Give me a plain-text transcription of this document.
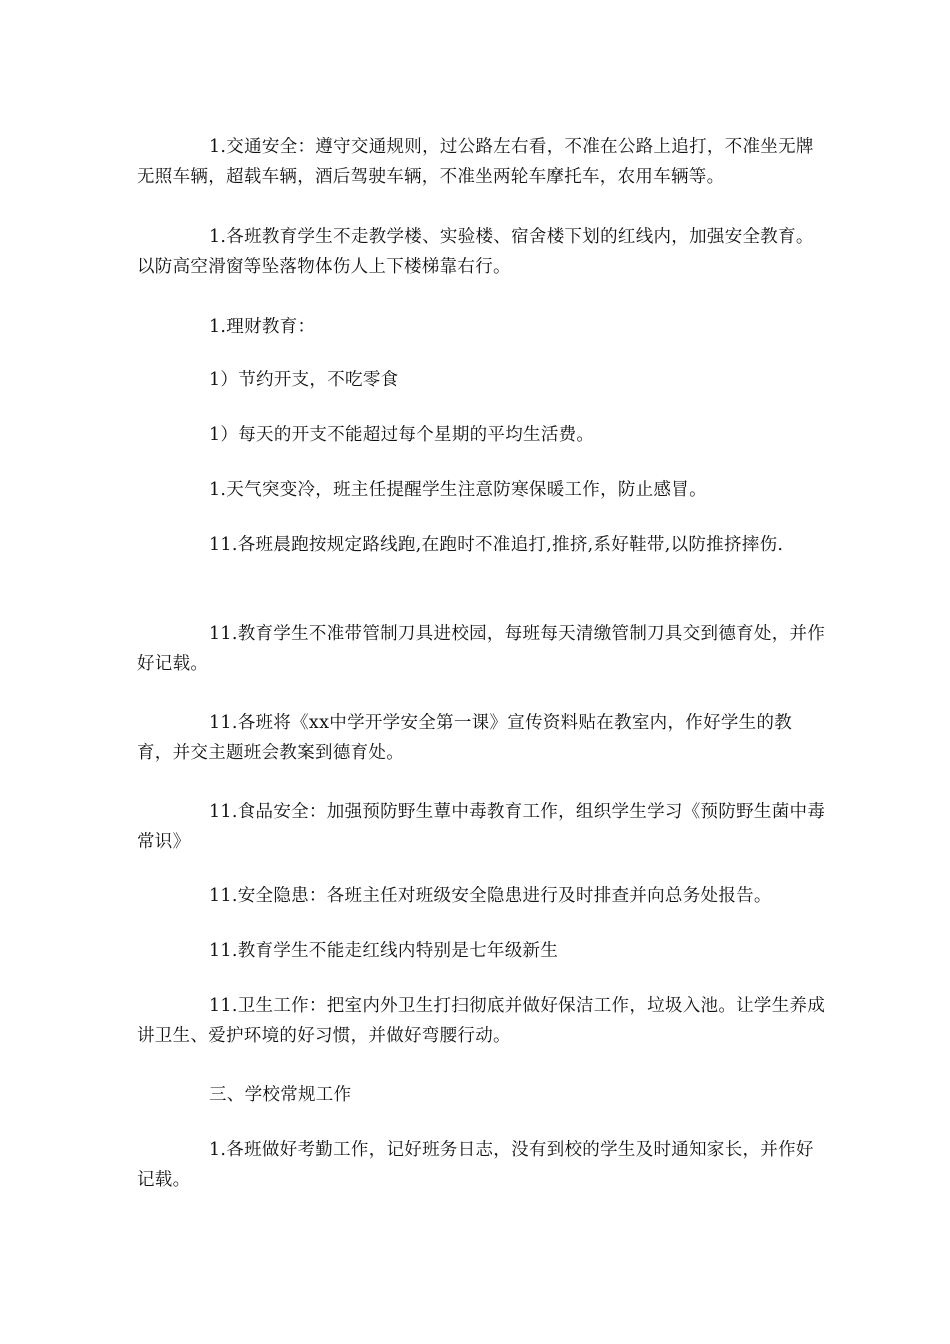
1.交通安全：遵守交通规则，过公路左右看，不准在公路上追打，不准坐无牌无照车辆，超载车辆，酒后驾驶车辆，不准坐两轮车摩托车，农用车辆等。

1.各班教育学生不走教学楼、实验楼、宿舍楼下划的红线内，加强安全教育。以防高空滑窗等坠落物体伤人上下楼梯靠右行。

1.理财教育：

1）节约开支，不吃零食

1）每天的开支不能超过每个星期的平均生活费。

1.天气突变冷，班主任提醒学生注意防寒保暖工作，防止感冒。

11.各班晨跑按规定路线跑,在跑时不准追打,推挤,系好鞋带,以防推挤摔伤.

11.教育学生不准带管制刀具进校园，每班每天清缴管制刀具交到德育处，并作好记载。

11.各班将《xx中学开学安全第一课》宣传资料贴在教室内，作好学生的教育，并交主题班会教案到德育处。

11.食品安全：加强预防野生蕈中毒教育工作，组织学生学习《预防野生菌中毒常识》

11.安全隐患：各班主任对班级安全隐患进行及时排查并向总务处报告。

11.教育学生不能走红线内特别是七年级新生

11.卫生工作：把室内外卫生打扫彻底并做好保洁工作，垃圾入池。让学生养成讲卫生、爱护环境的好习惯，并做好弯腰行动。

三、学校常规工作

1.各班做好考勤工作，记好班务日志，没有到校的学生及时通知家长，并作好记载。
